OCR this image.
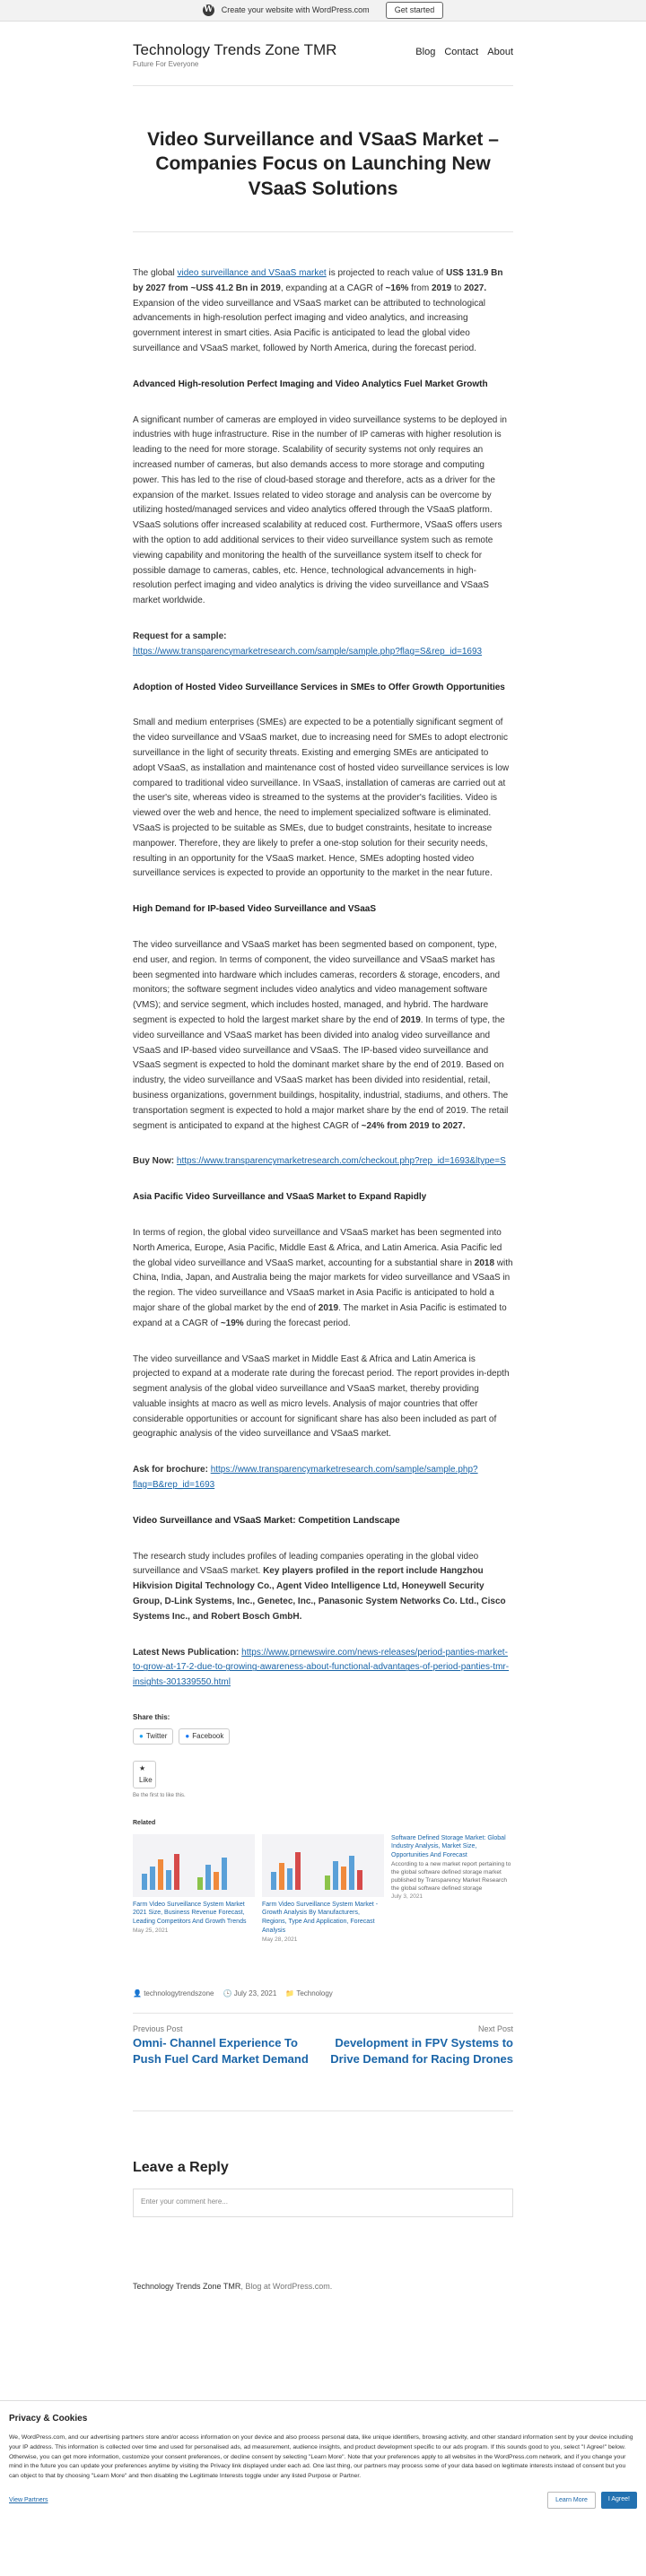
W Create your website with WordPress.com	Get started
Technology Trends Zone TMR
Future For Everyone
Blog Contact About
Video Surveillance and VSaaS Market – Companies Focus on Launching New VSaaS Solutions

The global video surveillance and VSaaS market is projected to reach value of US$ 131.9 Bn by 2027 from ~US$ 41.2 Bn in 2019, expanding at a CAGR of ~16% from 2019 to 2027. Expansion of the video surveillance and VSaaS market can be attributed to technological advancements in high-resolution perfect imaging and video analytics, and increasing government interest in smart cities. Asia Pacific is anticipated to lead the global video surveillance and VSaaS market, followed by North America, during the forecast period.

Advanced High-resolution Perfect Imaging and Video Analytics Fuel Market Growth

A significant number of cameras are employed in video surveillance systems to be deployed in industries with huge infrastructure. Rise in the number of IP cameras with higher resolution is leading to the need for more storage. Scalability of security systems not only requires an increased number of cameras, but also demands access to more storage and computing power. This has led to the rise of cloud-based storage and therefore, acts as a driver for the expansion of the market. Issues related to video storage and analysis can be overcome by utilizing hosted/managed services and video analytics offered through the VSaaS platform. VSaaS solutions offer increased scalability at reduced cost. Furthermore, VSaaS offers users with the option to add additional services to their video surveillance system such as remote viewing capability and monitoring the health of the surveillance system itself to check for possible damage to cameras, cables, etc. Hence, technological advancements in high-resolution perfect imaging and video analytics is driving the video surveillance and VSaaS market worldwide.

Request for a sample:
https://www.transparencymarketresearch.com/sample/sample.php?flag=S&rep_id=1693

Adoption of Hosted Video Surveillance Services in SMEs to Offer Growth Opportunities

Small and medium enterprises (SMEs) are expected to be a potentially significant segment of the video surveillance and VSaaS market, due to increasing need for SMEs to adopt electronic surveillance in the light of security threats. Existing and emerging SMEs are anticipated to adopt VSaaS, as installation and maintenance cost of hosted video surveillance services is low compared to traditional video surveillance. In VSaaS, installation of cameras are carried out at the user's site, whereas video is streamed to the systems at the provider's facilities. Video is viewed over the web and hence, the need to implement specialized software is eliminated. VSaaS is projected to be suitable as SMEs, due to budget constraints, hesitate to increase manpower. Therefore, they are likely to prefer a one-stop solution for their security needs, resulting in an opportunity for the VSaaS market. Hence, SMEs adopting hosted video surveillance services is expected to provide an opportunity to the market in the near future.

High Demand for IP-based Video Surveillance and VSaaS

The video surveillance and VSaaS market has been segmented based on component, type, end user, and region. In terms of component, the video surveillance and VSaaS market has been segmented into hardware which includes cameras, recorders & storage, encoders, and monitors; the software segment includes video analytics and video management software (VMS); and service segment, which includes hosted, managed, and hybrid. The hardware segment is expected to hold the largest market share by the end of 2019. In terms of type, the video surveillance and VSaaS market has been divided into analog video surveillance and VSaaS and IP-based video surveillance and VSaaS. The IP-based video surveillance and VSaaS segment is expected to hold the dominant market share by the end of 2019. Based on industry, the video surveillance and VSaaS market has been divided into residential, retail, business organizations, government buildings, hospitality, industrial, stadiums, and others. The transportation segment is expected to hold a major market share by the end of 2019. The retail segment is anticipated to expand at the highest CAGR of ~24% from 2019 to 2027.

Buy Now: https://www.transparencymarketresearch.com/checkout.php?rep_id=1693&ltype=S

Asia Pacific Video Surveillance and VSaaS Market to Expand Rapidly

In terms of region, the global video surveillance and VSaaS market has been segmented into North America, Europe, Asia Pacific, Middle East & Africa, and Latin America. Asia Pacific led the global video surveillance and VSaaS market, accounting for a substantial share in 2018 with China, India, Japan, and Australia being the major markets for video surveillance and VSaaS in the region. The video surveillance and VSaaS market in Asia Pacific is anticipated to hold a major share of the global market by the end of 2019. The market in Asia Pacific is estimated to expand at a CAGR of ~19% during the forecast period.

The video surveillance and VSaaS market in Middle East & Africa and Latin America is projected to expand at a moderate rate during the forecast period. The report provides in-depth segment analysis of the global video surveillance and VSaaS market, thereby providing valuable insights at macro as well as micro levels. Analysis of major countries that offer considerable opportunities or account for significant share has also been included as part of geographic analysis of the video surveillance and VSaaS market.

Ask for brochure: https://www.transparencymarketresearch.com/sample/sample.php?flag=B&rep_id=1693

Video Surveillance and VSaaS Market: Competition Landscape

The research study includes profiles of leading companies operating in the global video surveillance and VSaaS market. Key players profiled in the report include Hangzhou Hikvision Digital Technology Co., Agent Video Intelligence Ltd, Honeywell Security Group, D-Link Systems, Inc., Genetec, Inc., Panasonic System Networks Co. Ltd., Cisco Systems Inc., and Robert Bosch GmbH.

Latest News Publication: https://www.prnewswire.com/news-releases/period-panties-market-to-grow-at-17-2-due-to-growing-awareness-about-functional-advantages-of-period-panties-tmr-insights-301339550.html

Share this:
● Twitter	● Facebook
★ Like
Be the first to like this.
Related
Farm Video Surveillance System Market 2021 Size, Business Revenue Forecast, Leading Competitors And Growth Trends
May 25, 2021
Farm Video Surveillance System Market - Growth Analysis By Manufacturers, Regions, Type And Application, Forecast Analysis
May 28, 2021
Software Defined Storage Market: Global Industry Analysis, Market Size, Opportunities And Forecast
According to a new market report pertaining to the global software defined storage market published by Transparency Market Research the global software defined storage
July 3, 2021
👤 technologytrendszone 🕒 July 23, 2021 📁 Technology
Previous Post
Omni- Channel Experience To Push Fuel Card Market Demand
Next Post
Development in FPV Systems to Drive Demand for Racing Drones
Leave a Reply
Enter your comment here...
Technology Trends Zone TMR, Blog at WordPress.com.
Privacy & Cookies
We, WordPress.com, and our advertising partners store and/or access information on your device and also process personal data, like unique identifiers, browsing activity, and other standard information sent by your device including your IP address. This information is collected over time and used for personalised ads, ad measurement, audience insights, and product development specific to our ads program. If this sounds good to you, select "I Agree!" below. Otherwise, you can get more information, customize your consent preferences, or decline consent by selecting "Learn More". Note that your preferences apply to all websites in the WordPress.com network, and if you change your mind in the future you can update your preferences anytime by visiting the Privacy link displayed under each ad. One last thing, our partners may process some of your data based on legitimate interests instead of consent but you can object to that by choosing "Learn More" and then disabling the Legitimate Interests toggle under any listed Purpose or Partner.
View Partners	Learn More	I Agree!
